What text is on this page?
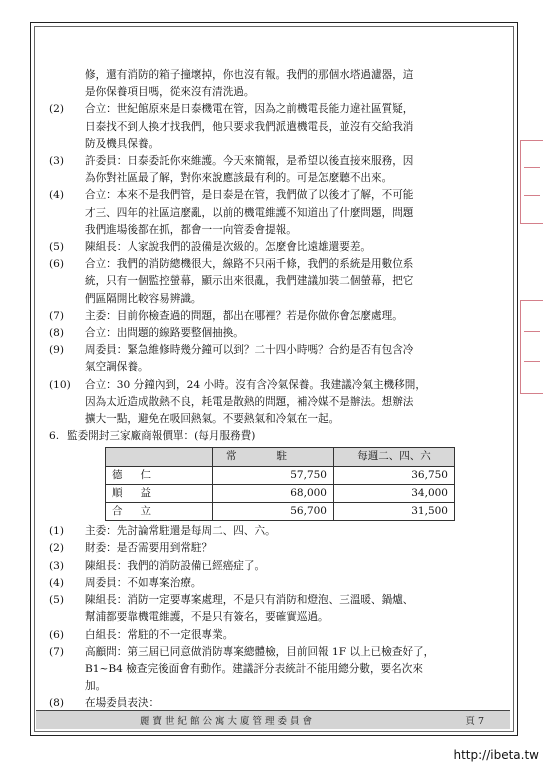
修，還有消防的箱子撞壞掉，你也沒有報。我們的那個水塔過濾器，這
是你保養項目嗎，從來沒有清洗過。
(2)	合立：世紀館原來是日泰機電在管，因為之前機電長能力違社區質疑，
日泰找不到人換才找我們，他只要求我們派遣機電長，並沒有交給我消
防及機具保養。
(3)	許委員：日泰委託你來維護。今天來簡報，是希望以後直接來服務，因
為你對社區最了解，對你來說應該最有利的。可是怎麼聽不出來。
(4)	合立：本來不是我們管，是日泰是在管，我們做了以後才了解，不可能
才三、四年的社區這麼亂，以前的機電維護不知道出了什麼問題，問題
我們進場後都在抓，都會一一向管委會提報。
(5)	陳組長：人家說我們的設備是次級的。怎麼會比遠雄還要差。
(6)	合立：我們的消防總機很大，線路不只兩千條，我們的系統是用數位系
統，只有一個監控螢幕，顯示出來很亂，我們建議加裝二個螢幕，把它
們區隔開比較容易辨識。
(7)	主委：目前你檢查過的問題，都出在哪裡？若是你做你會怎麼處理。
(8)	合立：出問題的線路要整個抽換。
(9)	周委員：緊急維修時幾分鐘可以到？二十四小時嗎？合約是否有包含冷
氣空調保養。
(10)	合立：30 分鐘內到，24 小時。沒有含冷氣保養。我建議冷氣主機移開，
因為太近造成散熱不良，耗電是散熱的問題，補冷媒不是辦法。想辦法
擴大一點，避免在吸回熱氣。不要熱氣和冷氣在一起。
6. 監委開封三家廠商報價單：(每月服務費)
	常駐	每週二、四、六
德仁	57,750	36,750
順益	68,000	34,000
合立	56,700	31,500
(1)	主委：先討論常駐還是每周二、四、六。
(2)	財委：是否需要用到常駐？
(3)	陳組長：我們的消防設備已經癌症了。
(4)	周委員：不如專案治療。
(5)	陳組長：消防一定要專案處理，不是只有消防和燈泡、三溫暖、鍋爐、
幫浦都要靠機電維護，不是只有簽名，要確實巡過。
(6)	白組長：常駐的不一定很專業。
(7)	高顧問：第三屆已同意做消防專案總體檢，目前回報 1F 以上已檢查好了，
B1~B4 檢查完後面會有動作。建議評分表統計不能用總分數，要名次來
加。
(8)	在場委員表決：
麗寶世紀館公寓大廈管理委員會	頁 7
http://ibeta.tw
